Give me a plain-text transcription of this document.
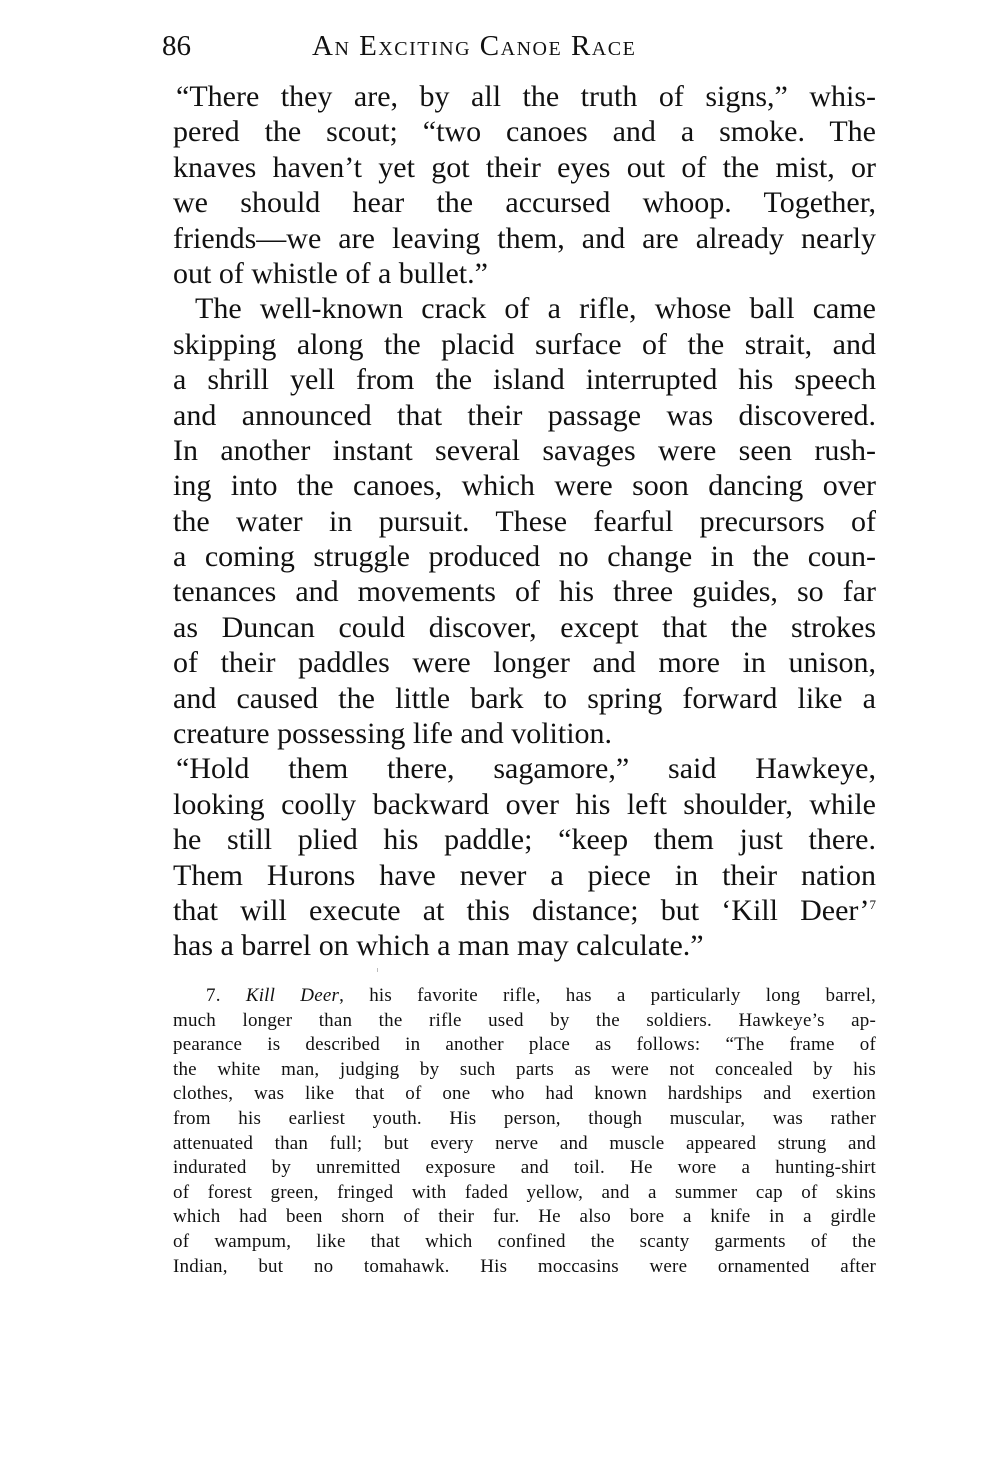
86	An Exciting Canoe Race
“There they are, by all the truth of signs,” whis-
pered the scout; “two canoes and a smoke. The
knaves haven’t yet got their eyes out of the mist, or
we should hear the accursed whoop. Together,
friends—we are leaving them, and are already nearly
out of whistle of a bullet.”
The well-known crack of a rifle, whose ball came
skipping along the placid surface of the strait, and
a shrill yell from the island interrupted his speech
and announced that their passage was discovered.
In another instant several savages were seen rush-
ing into the canoes, which were soon dancing over
the water in pursuit. These fearful precursors of
a coming struggle produced no change in the coun-
tenances and movements of his three guides, so far
as Duncan could discover, except that the strokes
of their paddles were longer and more in unison,
and caused the little bark to spring forward like a
creature possessing life and volition.
“Hold them there, sagamore,” said Hawkeye,
looking coolly backward over his left shoulder, while
he still plied his paddle; “keep them just there.
Them Hurons have never a piece in their nation
that will execute at this distance; but ‘Kill Deer’$^7$
has a barrel on which a man may calculate.”
7. Kill Deer, his favorite rifle, has a particularly long barrel,
much longer than the rifle used by the soldiers. Hawkeye’s ap-
pearance is described in another place as follows: “The frame of
the white man, judging by such parts as were not concealed by his
clothes, was like that of one who had known hardships and exertion
from his earliest youth. His person, though muscular, was rather
attenuated than full; but every nerve and muscle appeared strung and
indurated by unremitted exposure and toil. He wore a hunting-shirt
of forest green, fringed with faded yellow, and a summer cap of skins
which had been shorn of their fur. He also bore a knife in a girdle
of wampum, like that which confined the scanty garments of the
Indian, but no tomahawk. His moccasins were ornamented after
